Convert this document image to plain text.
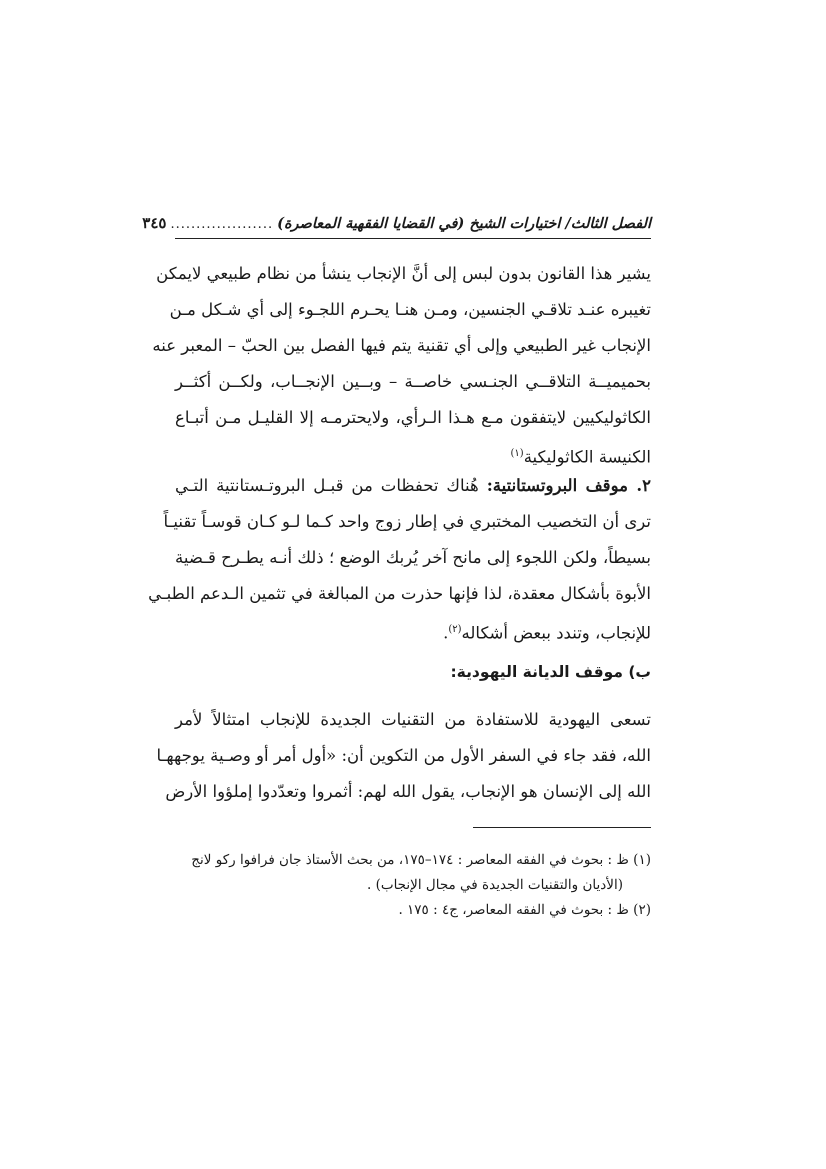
الفصل الثالث/ اختيارات الشيخ (في القضايا الفقهية المعاصرة)
....................
٣٤٥
يشير هذا القانون بدون لبس إلى أنَّ الإنجاب ينشأ من نظام طبيعي لايمكن
تغيبره عنـد تلاقـي الجنسين، ومـن هنـا يحـرم اللجـوء إلى أي شـكل مـن
الإنجاب غير الطبيعي وإلى أي تقنية يتم فيها الفصل بين الحبّ – المعبر عنه
بحميميــة التلاقــي الجنـسي خاصــة – وبــين الإنجــاب، ولكــن أكثــر
الكاثوليكيين لايتفقون مـع هـذا الـرأي، ولايحترمـه إلا القليـل مـن أتبـاع
الكنيسة الكاثوليكية$^{(١)}$
٢. موقف البروتستانتية: هُناك تحفظات من قبـل البروتـستانتية التـي
ترى أن التخصيب المختبري في إطار زوج واحد كـما لـو كـان قوسـاً تقنيـاً
بسيطاً، ولكن اللجوء إلى مانح آخر يُربك الوضع ؛ ذلك أنـه يطـرح قـضية
الأبوة بأشكال معقدة، لذا فإنها حذرت من المبالغة في تثمين الـدعم الطبـي
للإنجاب، وتندد ببعض أشكاله$^{(٢)}$.
ب) موقف الديانة اليهودية:
تسعى اليهودية للاستفادة من التقنيات الجديدة للإنجاب امتثالاً لأمر
الله، فقد جاء في السفر الأول من التكوين أن: «أول أمر أو وصـية يوجههـا
الله إلى الإنسان هو الإنجاب، يقول الله لهم: أثمروا وتعدّدوا إملؤوا الأرض
(١) ظ : بحوث في الفقه المعاصر : ١٧٤–١٧٥، من بحث الأستاذ جان فرافوا ركو لانج
(الأديان والتقنيات الجديدة في مجال الإنجاب) .
(٢) ظ : بحوث في الفقه المعاصر، ج٤ : ١٧٥ .
